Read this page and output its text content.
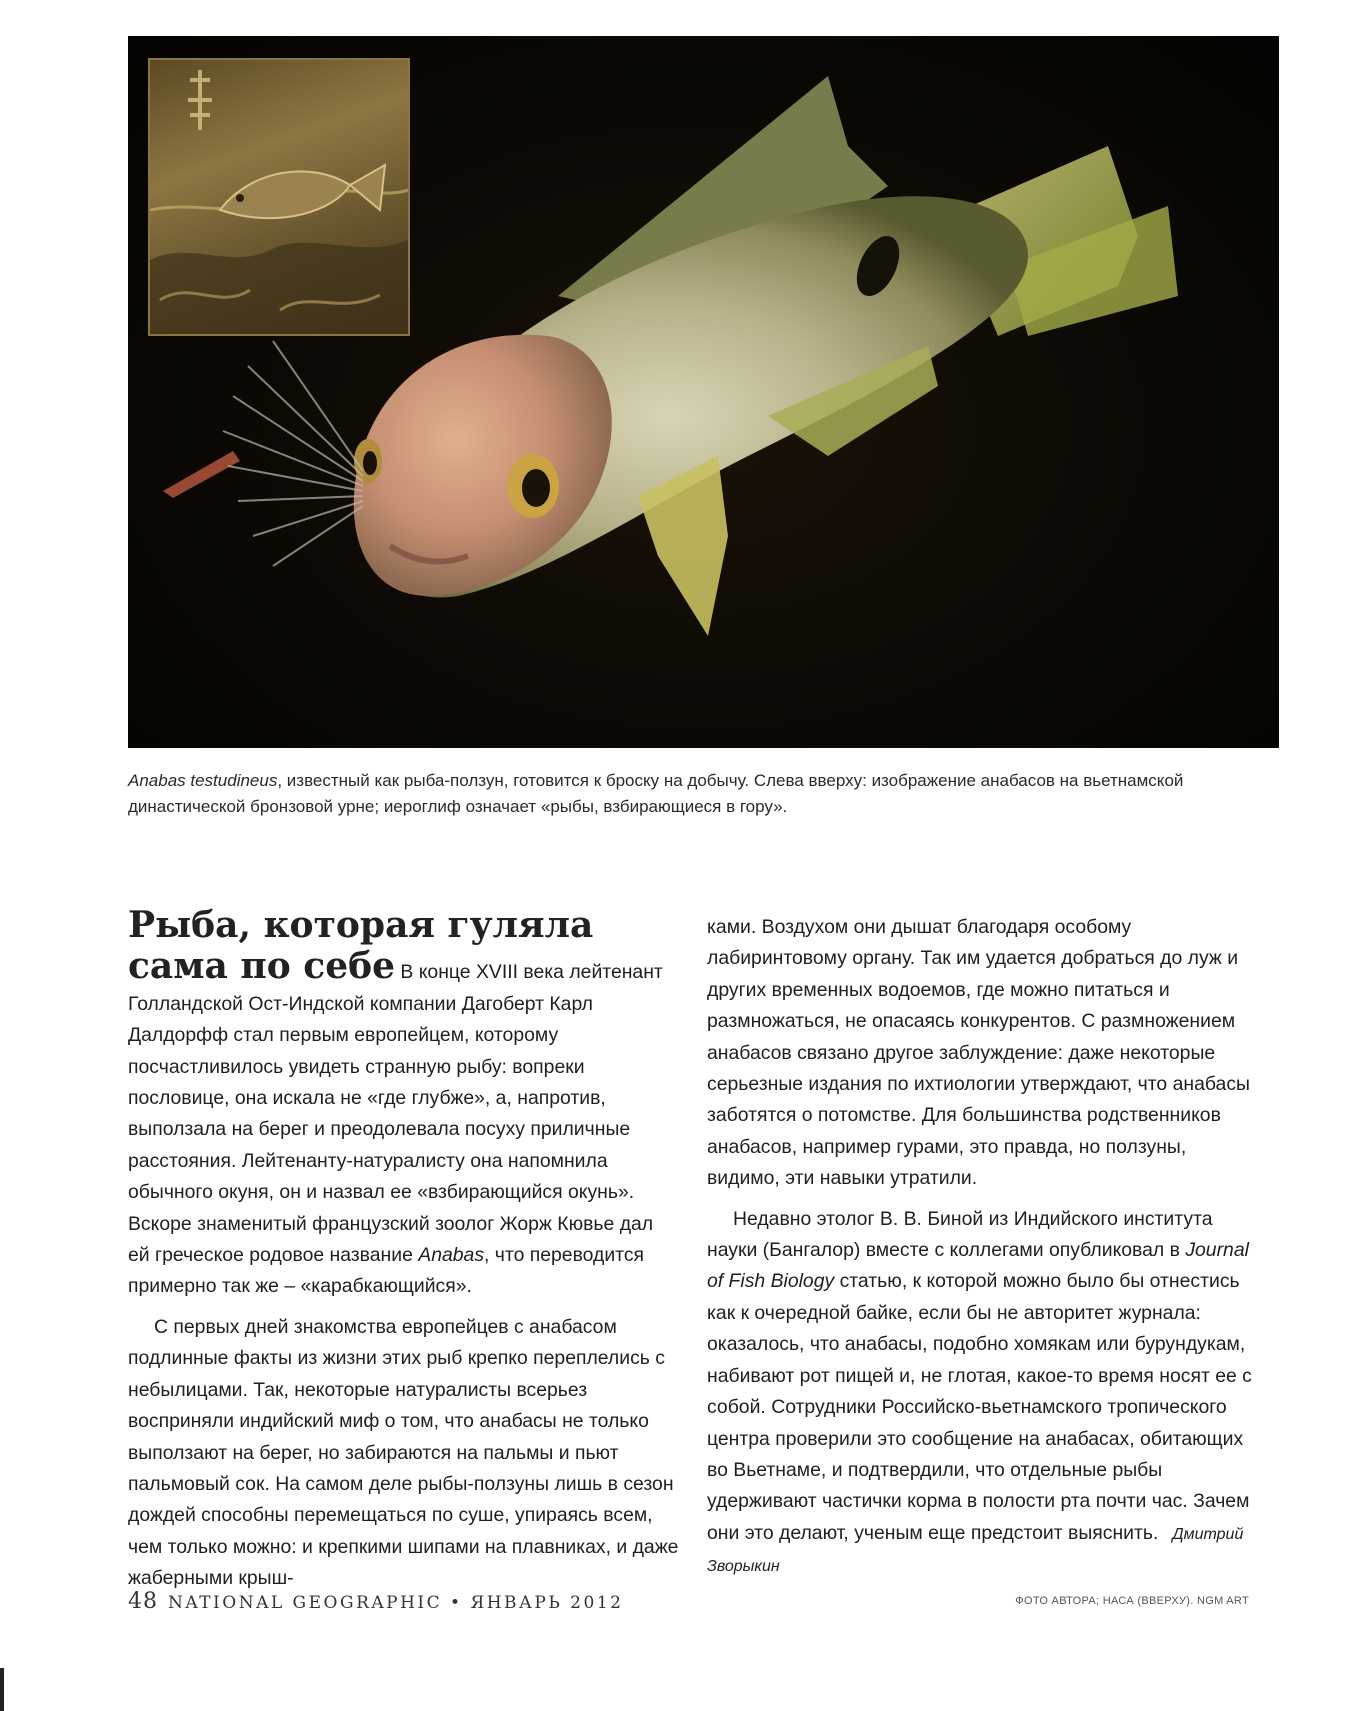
Anabas testudineus, известный как рыба-ползун, готовится к броску на добычу. Слева вверху: изображение анабасов на вьетнамской династической бронзовой урне; иероглиф означает «рыбы, взбирающиеся в гору».

Рыба, которая гуляла сама по себе В конце XVIII века лейтенант Голландской Ост-Индской компании Дагоберт Карл Далдорфф стал первым европейцем, которому посчастливилось увидеть странную рыбу: вопреки пословице, она искала не «где глубже», а, напротив, выползала на берег и преодолевала посуху приличные расстояния. Лейтенанту-натуралисту она напомнила обычного окуня, он и назвал ее «взбирающийся окунь». Вскоре знаменитый французский зоолог Жорж Кювье дал ей греческое родовое название Anabas, что переводится примерно так же – «карабкающийся».

С первых дней знакомства европейцев с анабасом подлинные факты из жизни этих рыб крепко переплелись с небылицами. Так, некоторые натуралисты всерьез восприняли индийский миф о том, что анабасы не только выползают на берег, но забираются на пальмы и пьют пальмовый сок. На самом деле рыбы-ползуны лишь в сезон дождей способны перемещаться по суше, упираясь всем, чем только можно: и крепкими шипами на плавниках, и даже жаберными крыш-

ками. Воздухом они дышат благодаря особому лабиринтовому органу. Так им удается добраться до луж и других временных водоемов, где можно питаться и размножаться, не опасаясь конкурентов. С размножением анабасов связано другое заблуждение: даже некоторые серьезные издания по ихтиологии утверждают, что анабасы заботятся о потомстве. Для большинства родственников анабасов, например гурами, это правда, но ползуны, видимо, эти навыки утратили.

Недавно этолог В. В. Биной из Индийского института науки (Бангалор) вместе с коллегами опубликовал в Journal of Fish Biology статью, к которой можно было бы отнестись как к очередной байке, если бы не авторитет журнала: оказалось, что анабасы, подобно хомякам или бурундукам, набивают рот пищей и, не глотая, какое-то время носят ее с собой. Сотрудники Российско-вьетнамского тропического центра проверили это сообщение на анабасах, обитающих во Вьетнаме, и подтвердили, что отдельные рыбы удерживают частички корма в полости рта почти час. Зачем они это делают, ученым еще предстоит выяснить. Дмитрий Зворыкин

48 NATIONAL GEOGRAPHIC • ЯНВАРЬ 2012	ФОТО АВТОРА; НАСА (ВВЕРХУ). NGM ART
